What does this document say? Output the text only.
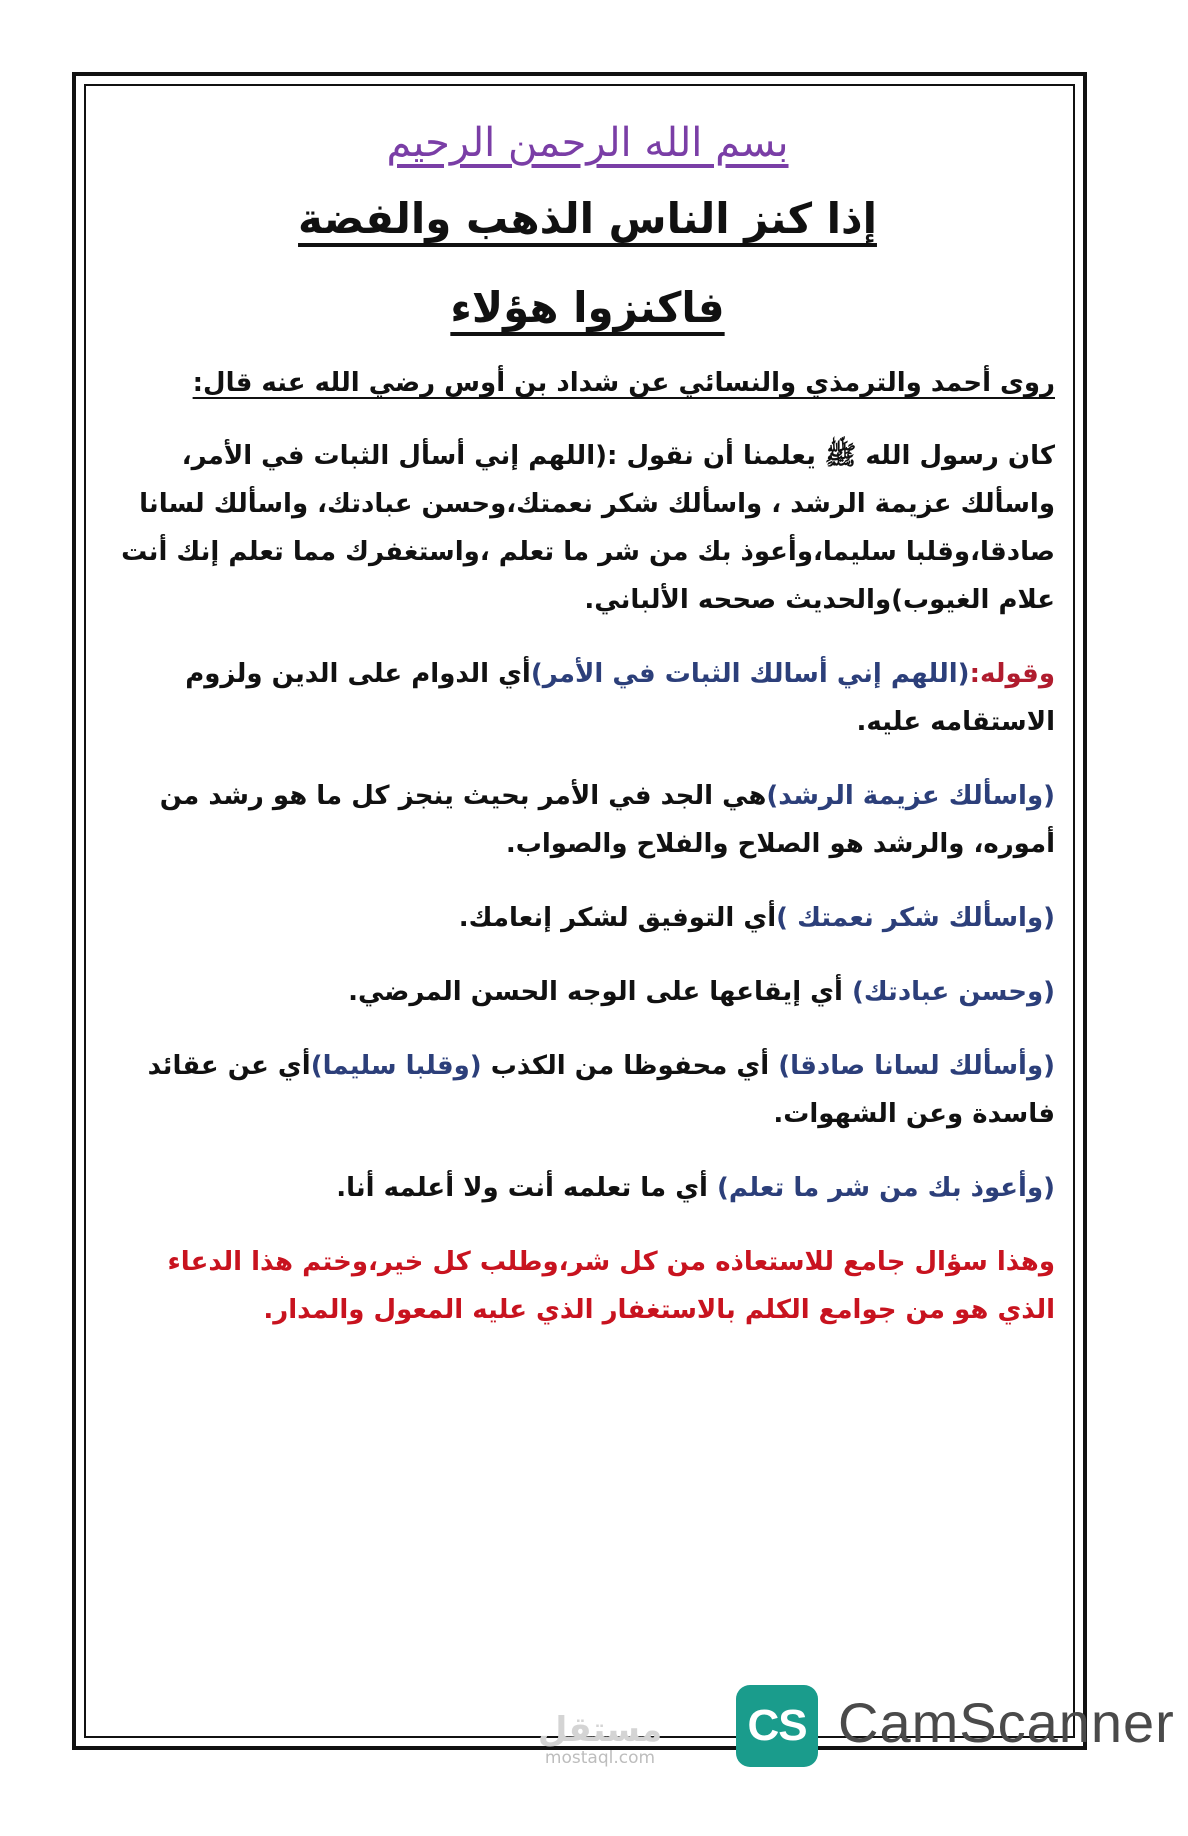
بسم الله الرحمن الرحيم
إذا كنز الناس الذهب والفضة
فاكنزوا هؤلاء
روى أحمد والترمذي والنسائي عن شداد بن أوس رضي الله عنه قال:
كان رسول الله ﷺ يعلمنا أن نقول :(اللهم إني أسأل الثبات في الأمر، واسألك عزيمة الرشد ، واسألك شكر نعمتك،وحسن عبادتك، واسألك لسانا صادقا،وقلبا سليما،وأعوذ بك من شر ما تعلم ،واستغفرك مما تعلم إنك أنت علام الغيوب)والحديث صححه الألباني.
وقوله:(اللهم إني أسالك الثبات في الأمر)أي الدوام على الدين ولزوم الاستقامه عليه.
(واسألك عزيمة الرشد)هي الجد في الأمر بحيث ينجز كل ما هو رشد من أموره، والرشد هو الصلاح والفلاح والصواب.
(واسألك شكر نعمتك )أي التوفيق لشكر إنعامك.
(وحسن عبادتك) أي إيقاعها على الوجه الحسن المرضي.
(وأسألك لسانا صادقا) أي محفوظا من الكذب (وقلبا سليما)أي عن عقائد فاسدة وعن الشهوات.
(وأعوذ بك من شر ما تعلم) أي ما تعلمه أنت ولا أعلمه أنا.
وهذا سؤال جامع للاستعاذه من كل شر،وطلب كل خير،وختم هذا الدعاء الذي هو من جوامع الكلم بالاستغفار الذي عليه المعول والمدار.
مستقل
mostaql.com
CS CamScanner
